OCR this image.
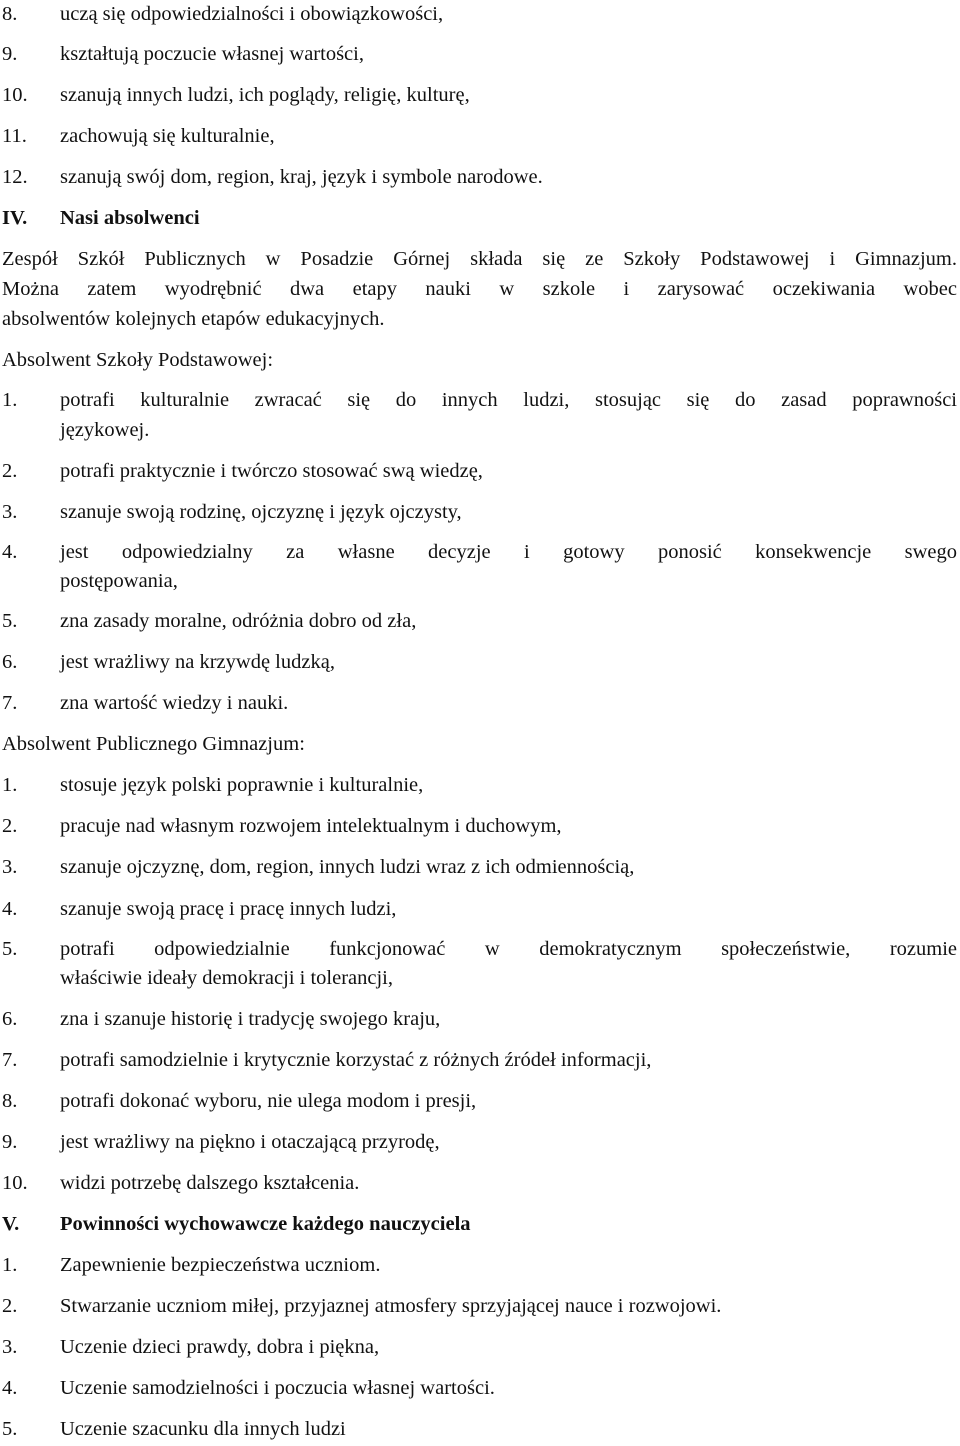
8. uczą się odpowiedzialności i obowiązkowości,
9. kształtują poczucie własnej wartości,
10. szanują innych ludzi, ich poglądy, religię, kulturę,
11. zachowują się kulturalnie,
12. szanują swój dom, region, kraj, język i symbole narodowe.
IV. Nasi absolwenci
Zespół Szkół Publicznych w Posadzie Górnej składa się ze Szkoły Podstawowej i Gimnazjum.
Można zatem wyodrębnić dwa etapy nauki w szkole i zarysować oczekiwania wobec
absolwentów kolejnych etapów edukacyjnych.
Absolwent Szkoły Podstawowej:
1. potrafi kulturalnie zwracać się do innych ludzi, stosując się do zasad poprawności
językowej.
2. potrafi praktycznie i twórczo stosować swą wiedzę,
3. szanuje swoją rodzinę, ojczyznę i język ojczysty,
4. jest odpowiedzialny za własne decyzje i gotowy ponosić konsekwencje swego
postępowania,
5. zna zasady moralne, odróżnia dobro od zła,
6. jest wrażliwy na krzywdę ludzką,
7. zna wartość wiedzy i nauki.
Absolwent Publicznego Gimnazjum:
1. stosuje język polski poprawnie i kulturalnie,
2. pracuje nad własnym rozwojem intelektualnym i duchowym,
3. szanuje ojczyznę, dom, region, innych ludzi wraz z ich odmiennością,
4. szanuje swoją pracę i pracę innych ludzi,
5. potrafi odpowiedzialnie funkcjonować w demokratycznym społeczeństwie, rozumie
właściwie ideały demokracji i tolerancji,
6. zna i szanuje historię i tradycję swojego kraju,
7. potrafi samodzielnie i krytycznie korzystać z różnych źródeł informacji,
8. potrafi dokonać wyboru, nie ulega modom i presji,
9. jest wrażliwy na piękno i otaczającą przyrodę,
10. widzi potrzebę dalszego kształcenia.
V. Powinności wychowawcze każdego nauczyciela
1. Zapewnienie bezpieczeństwa uczniom.
2. Stwarzanie uczniom miłej, przyjaznej atmosfery sprzyjającej nauce i rozwojowi.
3. Uczenie dzieci prawdy, dobra i piękna,
4. Uczenie samodzielności i poczucia własnej wartości.
5. Uczenie szacunku dla innych ludzi
